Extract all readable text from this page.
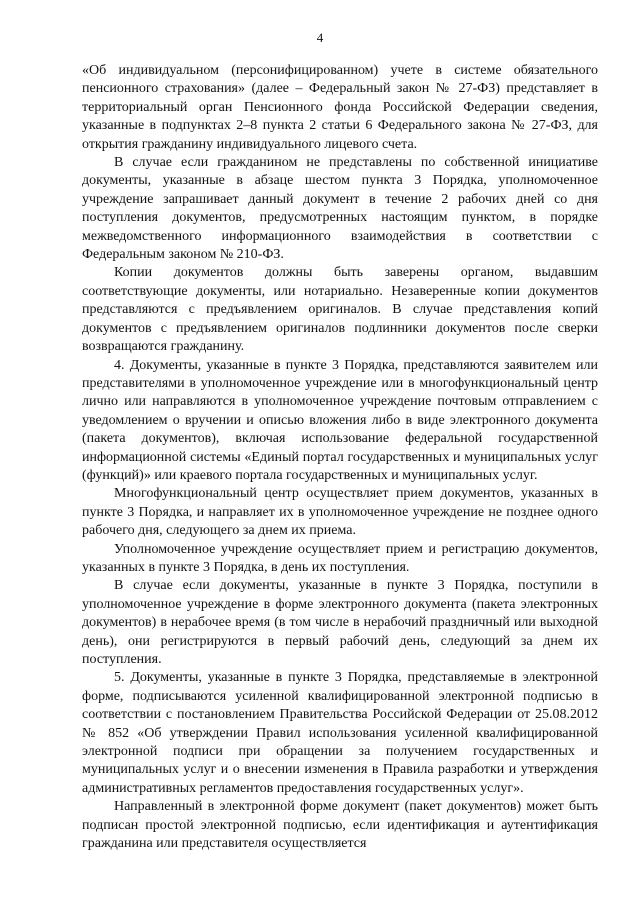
4

«Об индивидуальном (персонифицированном) учете в системе обязательного пенсионного страхования» (далее – Федеральный закон № 27-ФЗ) представляет в территориальный орган Пенсионного фонда Российской Федерации сведения, указанные в подпунктах 2–8 пункта 2 статьи 6 Федерального закона № 27-ФЗ, для открытия гражданину индивидуального лицевого счета.

В случае если гражданином не представлены по собственной инициативе документы, указанные в абзаце шестом пункта 3 Порядка, уполномоченное учреждение запрашивает данный документ в течение 2 рабочих дней со дня поступления документов, предусмотренных настоящим пунктом, в порядке межведомственного информационного взаимодействия в соответствии с Федеральным законом № 210-ФЗ.

Копии документов должны быть заверены органом, выдавшим соответствующие документы, или нотариально. Незаверенные копии документов представляются с предъявлением оригиналов. В случае представления копий документов с предъявлением оригиналов подлинники документов после сверки возвращаются гражданину.

4. Документы, указанные в пункте 3 Порядка, представляются заявителем или представителями в уполномоченное учреждение или в многофункциональный центр лично или направляются в уполномоченное учреждение почтовым отправлением с уведомлением о вручении и описью вложения либо в виде электронного документа (пакета документов), включая использование федеральной государственной информационной системы «Единый портал государственных и муниципальных услуг (функций)» или краевого портала государственных и муниципальных услуг.

Многофункциональный центр осуществляет прием документов, указанных в пункте 3 Порядка, и направляет их в уполномоченное учреждение не позднее одного рабочего дня, следующего за днем их приема.

Уполномоченное учреждение осуществляет прием и регистрацию документов, указанных в пункте 3 Порядка, в день их поступления.

В случае если документы, указанные в пункте 3 Порядка, поступили в уполномоченное учреждение в форме электронного документа (пакета электронных документов) в нерабочее время (в том числе в нерабочий праздничный или выходной день), они регистрируются в первый рабочий день, следующий за днем их поступления.

5. Документы, указанные в пункте 3 Порядка, представляемые в электронной форме, подписываются усиленной квалифицированной электронной подписью в соответствии с постановлением Правительства Российской Федерации от 25.08.2012 № 852 «Об утверждении Правил использования усиленной квалифицированной электронной подписи при обращении за получением государственных и муниципальных услуг и о внесении изменения в Правила разработки и утверждения административных регламентов предоставления государственных услуг».

Направленный в электронной форме документ (пакет документов) может быть подписан простой электронной подписью, если идентификация и аутентификация гражданина или представителя осуществляется
